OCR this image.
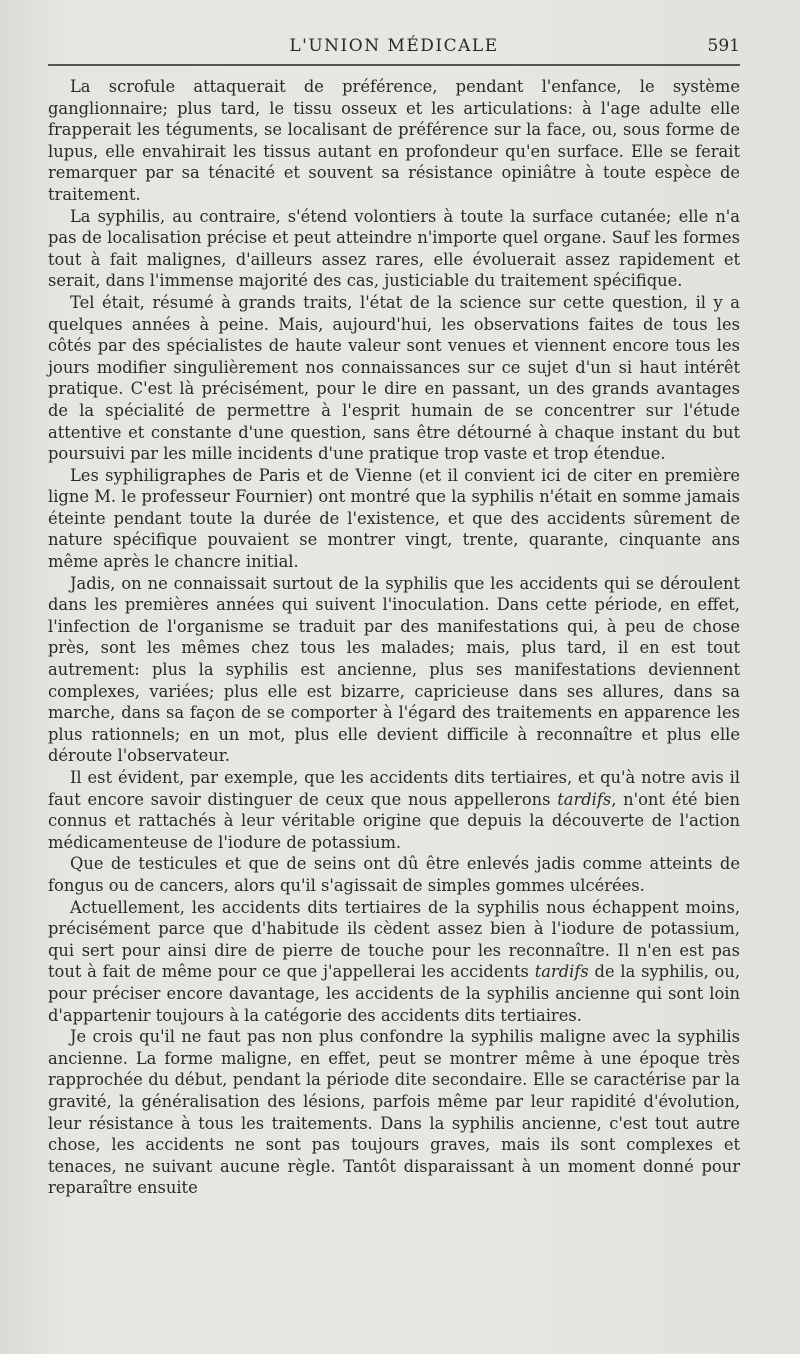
L'UNION MÉDICALE	591

La scrofule attaquerait de préférence, pendant l'enfance, le système ganglionnaire; plus tard, le tissu osseux et les articulations: à l'age adulte elle frapperait les téguments, se localisant de préférence sur la face, ou, sous forme de lupus, elle envahirait les tissus autant en profondeur qu'en surface. Elle se ferait remarquer par sa ténacité et souvent sa résistance opiniâtre à toute espèce de traitement.

La syphilis, au contraire, s'étend volontiers à toute la surface cutanée; elle n'a pas de localisation précise et peut atteindre n'importe quel organe. Sauf les formes tout à fait malignes, d'ailleurs assez rares, elle évoluerait assez rapidement et serait, dans l'immense majorité des cas, justiciable du traitement spécifique.

Tel était, résumé à grands traits, l'état de la science sur cette question, il y a quelques années à peine. Mais, aujourd'hui, les observations faites de tous les côtés par des spécialistes de haute valeur sont venues et viennent encore tous les jours modifier singulièrement nos connaissances sur ce sujet d'un si haut intérêt pratique. C'est là précisément, pour le dire en passant, un des grands avantages de la spécialité de permettre à l'esprit humain de se concentrer sur l'étude attentive et constante d'une question, sans être détourné à chaque instant du but poursuivi par les mille incidents d'une pratique trop vaste et trop étendue.

Les syphiligraphes de Paris et de Vienne (et il convient ici de citer en première ligne M. le professeur Fournier) ont montré que la syphilis n'était en somme jamais éteinte pendant toute la durée de l'existence, et que des accidents sûrement de nature spécifique pouvaient se montrer vingt, trente, quarante, cinquante ans même après le chancre initial.

Jadis, on ne connaissait surtout de la syphilis que les accidents qui se déroulent dans les premières années qui suivent l'inoculation. Dans cette période, en effet, l'infection de l'organisme se traduit par des manifestations qui, à peu de chose près, sont les mêmes chez tous les malades; mais, plus tard, il en est tout autrement: plus la syphilis est ancienne, plus ses manifestations deviennent complexes, variées; plus elle est bizarre, capricieuse dans ses allures, dans sa marche, dans sa façon de se comporter à l'égard des traitements en apparence les plus rationnels; en un mot, plus elle devient difficile à reconnaître et plus elle déroute l'observateur.

Il est évident, par exemple, que les accidents dits tertiaires, et qu'à notre avis il faut encore savoir distinguer de ceux que nous appellerons tardifs, n'ont été bien connus et rattachés à leur véritable origine que depuis la découverte de l'action médicamenteuse de l'iodure de potassium.

Que de testicules et que de seins ont dû être enlevés jadis comme atteints de fongus ou de cancers, alors qu'il s'agissait de simples gommes ulcérées.

Actuellement, les accidents dits tertiaires de la syphilis nous échappent moins, précisément parce que d'habitude ils cèdent assez bien à l'iodure de potassium, qui sert pour ainsi dire de pierre de touche pour les reconnaître. Il n'en est pas tout à fait de même pour ce que j'appellerai les accidents tardifs de la syphilis, ou, pour préciser encore davantage, les accidents de la syphilis ancienne qui sont loin d'appartenir toujours à la catégorie des accidents dits tertiaires.

Je crois qu'il ne faut pas non plus confondre la syphilis maligne avec la syphilis ancienne. La forme maligne, en effet, peut se montrer même à une époque très rapprochée du début, pendant la période dite secondaire. Elle se caractérise par la gravité, la généralisation des lésions, parfois même par leur rapidité d'évolution, leur résistance à tous les traitements. Dans la syphilis ancienne, c'est tout autre chose, les accidents ne sont pas toujours graves, mais ils sont complexes et tenaces, ne suivant aucune règle. Tantôt disparaissant à un moment donné pour reparaître ensuite
